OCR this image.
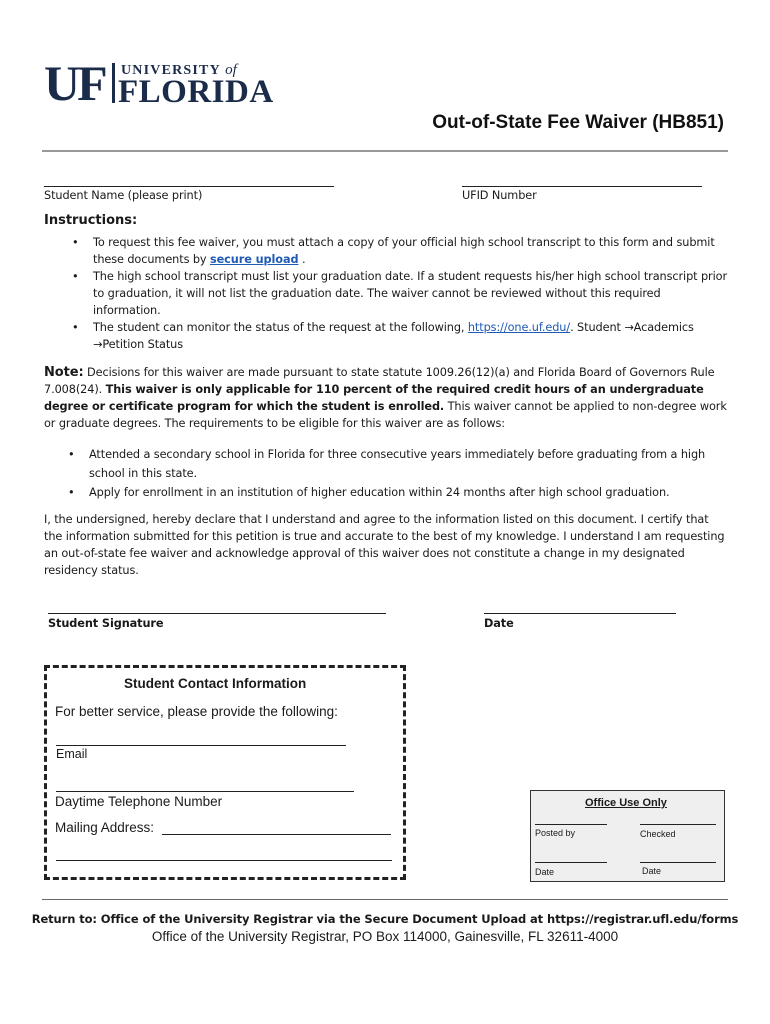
UF UNIVERSITY of
FLORIDA
Out-of-State Fee Waiver (HB851)
Student Name (please print)	UFID Number
Instructions:
• To request this fee waiver, you must attach a copy of your official high school transcript to this form and submit these documents by secure upload .
• The high school transcript must list your graduation date. If a student requests his/her high school transcript prior to graduation, it will not list the graduation date. The waiver cannot be reviewed without this required information.
• The student can monitor the status of the request at the following, https://one.uf.edu/. Student →Academics →Petition Status
Note: Decisions for this waiver are made pursuant to state statute 1009.26(12)(a) and Florida Board of Governors Rule 7.008(24). This waiver is only applicable for 110 percent of the required credit hours of an undergraduate degree or certificate program for which the student is enrolled. This waiver cannot be applied to non-degree work or graduate degrees. The requirements to be eligible for this waiver are as follows:
• Attended a secondary school in Florida for three consecutive years immediately before graduating from a high school in this state.
• Apply for enrollment in an institution of higher education within 24 months after high school graduation.
I, the undersigned, hereby declare that I understand and agree to the information listed on this document. I certify that the information submitted for this petition is true and accurate to the best of my knowledge. I understand I am requesting an out-of-state fee waiver and acknowledge approval of this waiver does not constitute a change in my designated residency status.
Student Signature	Date
Student Contact Information
For better service, please provide the following:
Email
Daytime Telephone Number
Mailing Address:
Office Use Only
Posted by	Checked
Date	Date
Return to: Office of the University Registrar via the Secure Document Upload at https://registrar.ufl.edu/forms
Office of the University Registrar, PO Box 114000, Gainesville, FL 32611-4000
